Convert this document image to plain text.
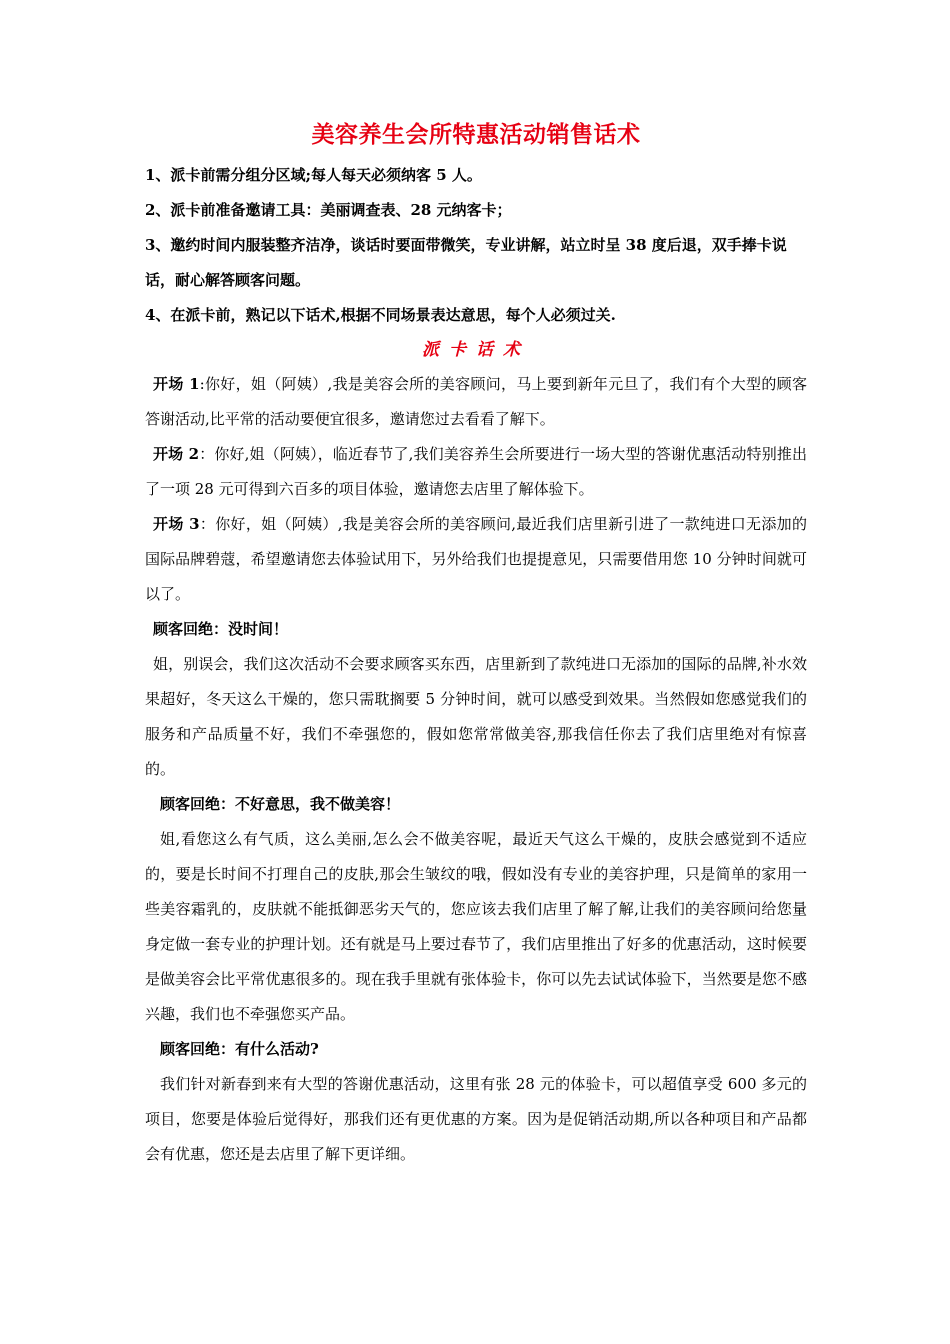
美容养生会所特惠活动销售话术

1、派卡前需分组分区域;每人每天必须纳客 5 人。

2、派卡前准备邀请工具：美丽调查表、28 元纳客卡；

3、邀约时间内服装整齐洁净，谈话时要面带微笑，专业讲解，站立时呈 38 度后退，双手捧卡说话，耐心解答顾客问题。

4、在派卡前，熟记以下话术,根据不同场景表达意思，每个人必须过关.

派卡话术

开场 1:你好，姐（阿姨）,我是美容会所的美容顾问，马上要到新年元旦了，我们有个大型的顾客答谢活动,比平常的活动要便宜很多，邀请您过去看看了解下。

开场 2：你好,姐（阿姨），临近春节了,我们美容养生会所要进行一场大型的答谢优惠活动特别推出了一项 28 元可得到六百多的项目体验，邀请您去店里了解体验下。

开场 3：你好，姐（阿姨）,我是美容会所的美容顾问,最近我们店里新引进了一款纯进口无添加的国际品牌碧蔻，希望邀请您去体验试用下，另外给我们也提提意见，只需要借用您 10 分钟时间就可以了。

顾客回绝：没时间！

姐，别误会，我们这次活动不会要求顾客买东西，店里新到了款纯进口无添加的国际的品牌,补水效果超好，冬天这么干燥的，您只需耽搁要 5 分钟时间，就可以感受到效果。当然假如您感觉我们的服务和产品质量不好，我们不牵强您的，假如您常常做美容,那我信任你去了我们店里绝对有惊喜的。

顾客回绝：不好意思，我不做美容！

姐,看您这么有气质，这么美丽,怎么会不做美容呢，最近天气这么干燥的，皮肤会感觉到不适应的，要是长时间不打理自己的皮肤,那会生皱纹的哦，假如没有专业的美容护理，只是简单的家用一些美容霜乳的，皮肤就不能抵御恶劣天气的，您应该去我们店里了解了解,让我们的美容顾问给您量身定做一套专业的护理计划。还有就是马上要过春节了，我们店里推出了好多的优惠活动，这时候要是做美容会比平常优惠很多的。现在我手里就有张体验卡，你可以先去试试体验下，当然要是您不感兴趣，我们也不牵强您买产品。

顾客回绝：有什么活动?

我们针对新春到来有大型的答谢优惠活动，这里有张 28 元的体验卡，可以超值享受 600 多元的项目，您要是体验后觉得好，那我们还有更优惠的方案。因为是促销活动期,所以各种项目和产品都会有优惠，您还是去店里了解下更详细。
